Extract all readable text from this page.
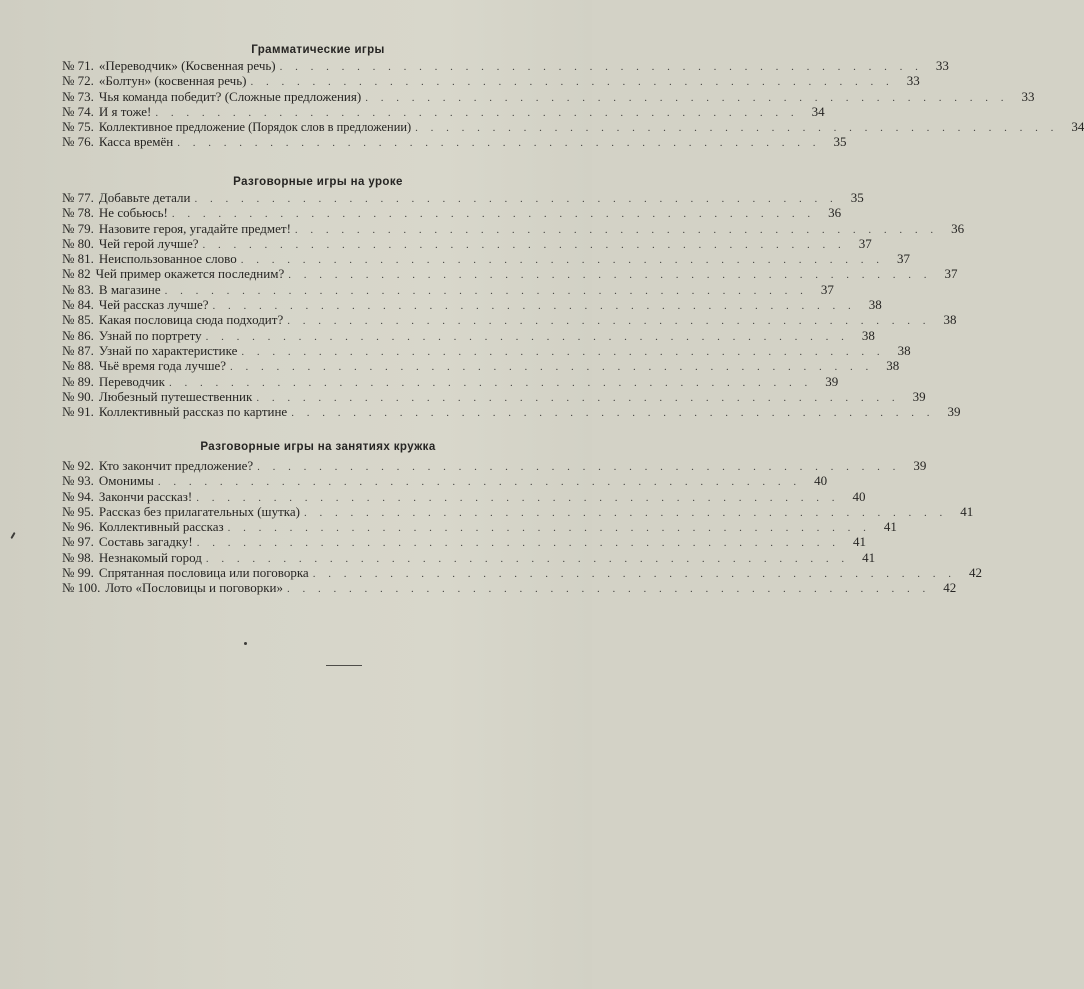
Грамматические игры
№ 71. «Переводчик» (Косвенная речь) . . .	33
№ 72. «Болтун» (косвенная речь) . . .	33
№ 73. Чья команда победит? (Сложные предложения) . . .	33
№ 74. И я тоже! . . .	34
№ 75. Коллективное предложение (Порядок слов в предложении) . . .	34
№ 76. Касса времён . . .	35
Разговорные игры на уроке
№ 77. Добавьте детали . . .	35
№ 78. Не собьюсь! . . .	36
№ 79. Назовите героя, угадайте предмет! . . .	36
№ 80. Чей герой лучше? . . .	37
№ 81. Неиспользованное слово . . .	37
№ 82 Чей пример окажется последним? . . .	37
№ 83. В магазине . . .	37
№ 84. Чей рассказ лучше? . . .	38
№ 85. Какая пословица сюда подходит? . . .	38
№ 86. Узнай по портрету . . .	38
№ 87. Узнай по характеристике . . .	38
№ 88. Чьё время года лучше? . . .	38
№ 89. Переводчик . . .	39
№ 90. Любезный путешественник . . .	39
№ 91. Коллективный рассказ по картине . . .	39
Разговорные игры на занятиях кружка
№ 92. Кто закончит предложение? . . .	39
№ 93. Омонимы . . .	40
№ 94. Закончи рассказ! . . .	40
№ 95. Рассказ без прилагательных (шутка) . . .	41
№ 96. Коллективный рассказ . . .	41
№ 97. Составь загадку! . . .	41
№ 98. Незнакомый город . . .	41
№ 99. Спрятанная пословица или поговорка . . .	42
№ 100. Лото «Пословицы и поговорки» . . .	42
